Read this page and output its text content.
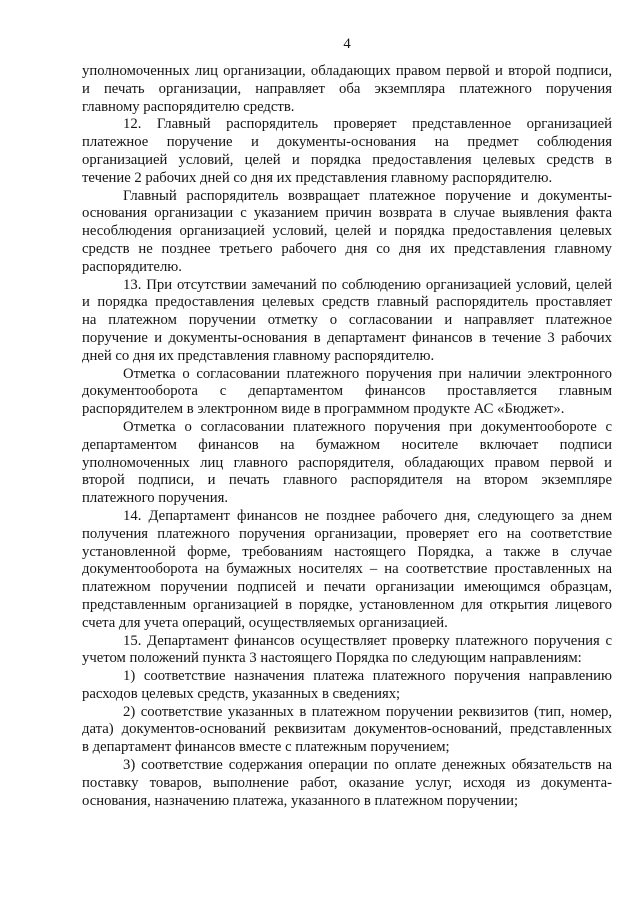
4
уполномоченных лиц организации, обладающих правом первой и второй подписи,
и печать организации, направляет оба экземпляра платежного поручения
главному распорядителю средств.
12. Главный распорядитель проверяет представленное организацией
платежное поручение и документы-основания на предмет соблюдения
организацией условий, целей и порядка предоставления целевых средств в
течение 2 рабочих дней со дня их представления главному распорядителю.
Главный распорядитель возвращает платежное поручение и документы-
основания организации с указанием причин возврата в случае выявления факта
несоблюдения организацией условий, целей и порядка предоставления целевых
средств не позднее третьего рабочего дня со дня их представления главному
распорядителю.
13. При отсутствии замечаний по соблюдению организацией условий, целей
и порядка предоставления целевых средств главный распорядитель проставляет
на платежном поручении отметку о согласовании и направляет платежное
поручение и документы-основания в департамент финансов в течение 3 рабочих
дней со дня их представления главному распорядителю.
Отметка о согласовании платежного поручения при наличии электронного
документооборота с департаментом финансов проставляется главным
распорядителем в электронном виде в программном продукте АС «Бюджет».
Отметка о согласовании платежного поручения при документообороте с
департаментом финансов на бумажном носителе включает подписи
уполномоченных лиц главного распорядителя, обладающих правом первой и
второй подписи, и печать главного распорядителя на втором экземпляре
платежного поручения.
14. Департамент финансов не позднее рабочего дня, следующего за днем
получения платежного поручения организации, проверяет его на соответствие
установленной форме, требованиям настоящего Порядка, а также в случае
документооборота на бумажных носителях – на соответствие проставленных на
платежном поручении подписей и печати организации имеющимся образцам,
представленным организацией в порядке, установленном для открытия лицевого
счета для учета операций, осуществляемых организацией.
15. Департамент финансов осуществляет проверку платежного поручения с
учетом положений пункта 3 настоящего Порядка по следующим направлениям:
1) соответствие назначения платежа платежного поручения направлению
расходов целевых средств, указанных в сведениях;
2) соответствие указанных в платежном поручении реквизитов (тип, номер,
дата) документов-оснований реквизитам документов-оснований, представленных
в департамент финансов вместе с платежным поручением;
3) соответствие содержания операции по оплате денежных обязательств на
поставку товаров, выполнение работ, оказание услуг, исходя из документа-
основания, назначению платежа, указанного в платежном поручении;
